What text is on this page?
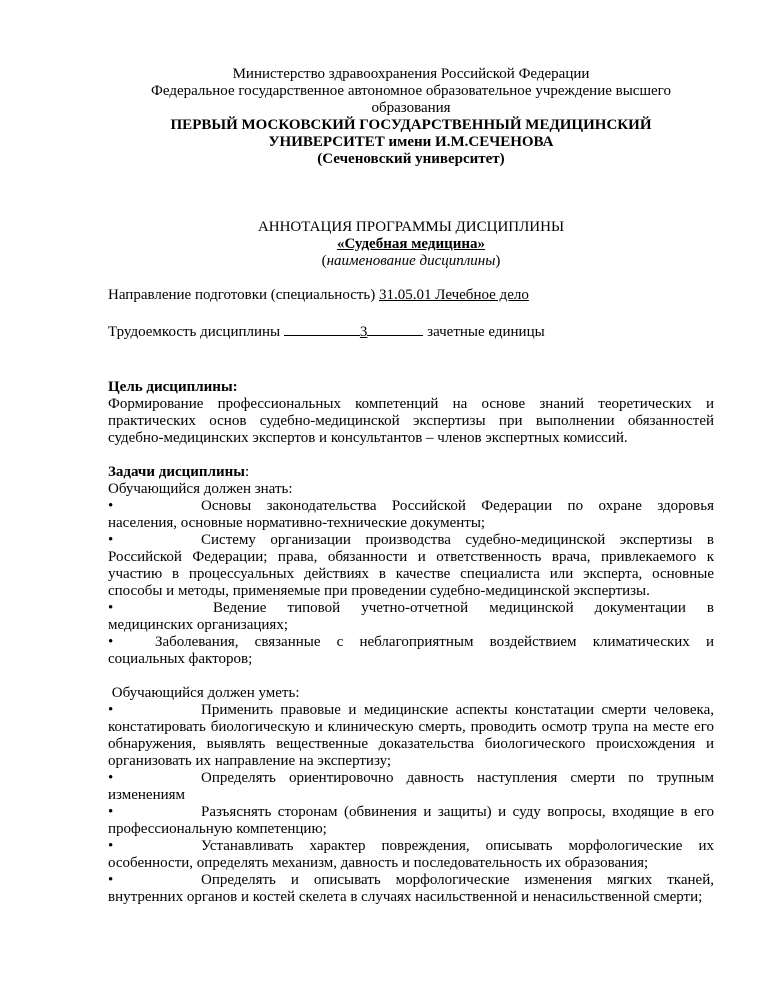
Министерство здравоохранения Российской Федерации

Федеральное государственное автономное образовательное учреждение высшего

образования

ПЕРВЫЙ МОСКОВСКИЙ ГОСУДАРСТВЕННЫЙ МЕДИЦИНСКИЙ

УНИВЕРСИТЕТ имени И.М.СЕЧЕНОВА

(Сеченовский университет)

АННОТАЦИЯ ПРОГРАММЫ ДИСЦИПЛИНЫ

«Судебная медицина»

(наименование дисциплины)

Направление подготовки (специальность) 31.05.01 Лечебное дело

Трудоемкость дисциплины	3	зачетные единицы

Цель дисциплины:

Формирование профессиональных компетенций на основе знаний теоретических и

практических основ судебно-медицинской экспертизы при выполнении обязанностей

судебно-медицинских экспертов и консультантов – членов экспертных комиссий.

Задачи дисциплины:

Обучающийся должен знать:

•	Основы законодательства Российской Федерации по охране здоровья

населения, основные нормативно-технические документы;

•	Систему организации производства судебно-медицинской экспертизы в

Российской Федерации; права, обязанности и ответственность врача, привлекаемого к участию в процессуальных действиях в качестве специалиста или эксперта, основные способы и методы, применяемые при проведении судебно-медицинской экспертизы.

•	Ведение типовой учетно-отчетной медицинской документации в

медицинских организациях;

•	Заболевания, связанные с неблагоприятным воздействием климатических и

социальных факторов;

Обучающийся должен уметь:

•	Применить правовые и медицинские аспекты констатации смерти человека,

констатировать биологическую и клиническую смерть, проводить осмотр трупа на месте его обнаружения, выявлять вещественные доказательства биологического происхождения и организовать их направление на экспертизу;

•	Определять ориентировочно давность наступления смерти по трупным

изменениям

•	Разъяснять сторонам (обвинения и защиты) и суду вопросы, входящие в его

профессиональную компетенцию;

•	Устанавливать характер повреждения, описывать морфологические их

особенности, определять механизм, давность и последовательность их образования;

•	Определять и описывать морфологические изменения мягких тканей,

внутренних органов и костей скелета в случаях насильственной и ненасильственной смерти;
